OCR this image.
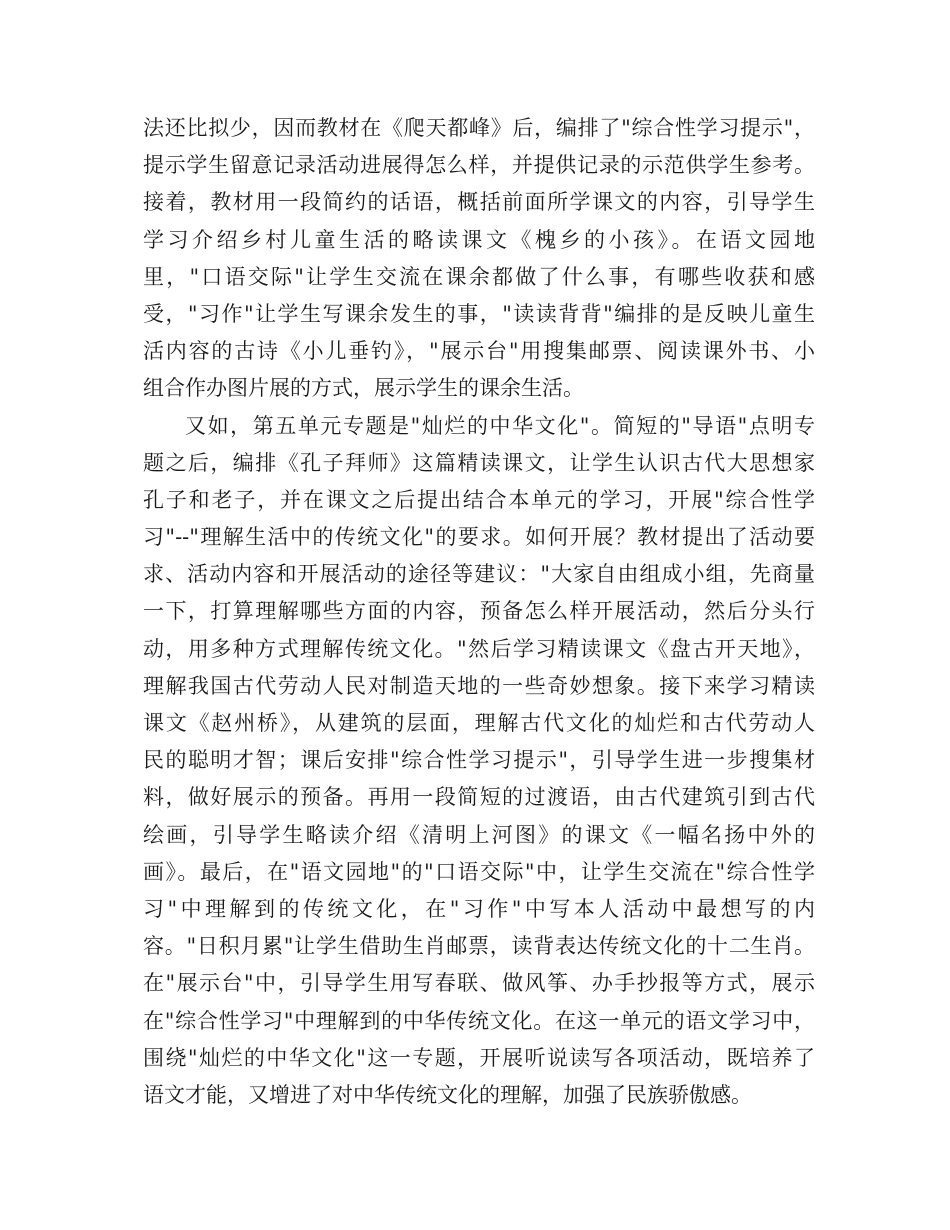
法还比拟少，因而教材在《爬天都峰》后，编排了"综合性学习提示"，

提示学生留意记录活动进展得怎么样，并提供记录的示范供学生参考。

接着，教材用一段简约的话语，概括前面所学课文的内容，引导学生

学习介绍乡村儿童生活的略读课文《槐乡的小孩》。在语文园地

里，"口语交际"让学生交流在课余都做了什么事，有哪些收获和感

受，"习作"让学生写课余发生的事，"读读背背"编排的是反映儿童生

活内容的古诗《小儿垂钓》，"展示台"用搜集邮票、阅读课外书、小

组合作办图片展的方式，展示学生的课余生活。

又如，第五单元专题是"灿烂的中华文化"。简短的"导语"点明专

题之后，编排《孔子拜师》这篇精读课文，让学生认识古代大思想家

孔子和老子，并在课文之后提出结合本单元的学习，开展"综合性学

习"--"理解生活中的传统文化"的要求。如何开展？教材提出了活动要

求、活动内容和开展活动的途径等建议："大家自由组成小组，先商量

一下，打算理解哪些方面的内容，预备怎么样开展活动，然后分头行

动，用多种方式理解传统文化。"然后学习精读课文《盘古开天地》，

理解我国古代劳动人民对制造天地的一些奇妙想象。接下来学习精读

课文《赵州桥》，从建筑的层面，理解古代文化的灿烂和古代劳动人

民的聪明才智；课后安排"综合性学习提示"，引导学生进一步搜集材

料，做好展示的预备。再用一段简短的过渡语，由古代建筑引到古代

绘画，引导学生略读介绍《清明上河图》的课文《一幅名扬中外的

画》。最后，在"语文园地"的"口语交际"中，让学生交流在"综合性学

习"中理解到的传统文化，在"习作"中写本人活动中最想写的内

容。"日积月累"让学生借助生肖邮票，读背表达传统文化的十二生肖。

在"展示台"中，引导学生用写春联、做风筝、办手抄报等方式，展示

在"综合性学习"中理解到的中华传统文化。在这一单元的语文学习中，

围绕"灿烂的中华文化"这一专题，开展听说读写各项活动，既培养了

语文才能，又增进了对中华传统文化的理解，加强了民族骄傲感。
